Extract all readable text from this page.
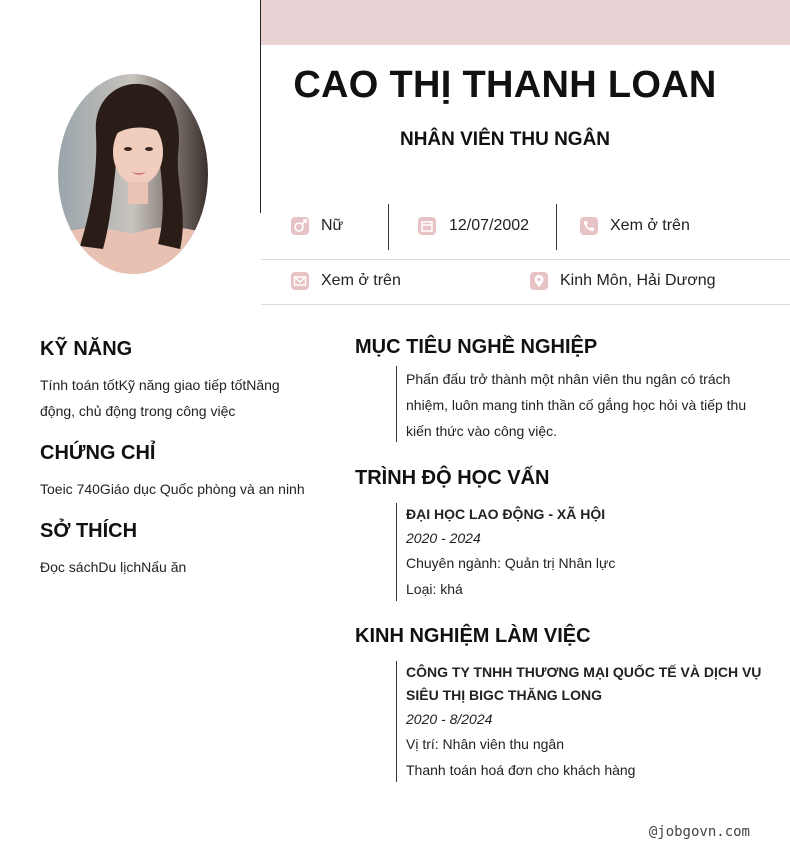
CAO THỊ THANH LOAN
NHÂN VIÊN THU NGÂN
Nữ	12/07/2002	Xem ở trên
Xem ở trên	Kinh Môn, Hải Dương
KỸ NĂNG
Tính toán tốtKỹ năng giao tiếp tốtNăng động, chủ động trong công việc
CHỨNG CHỈ
Toeic 740Giáo dục Quốc phòng và an ninh
SỞ THÍCH
Đọc sáchDu lịchNấu ăn
MỤC TIÊU NGHỀ NGHIỆP
Phấn đấu trở thành một nhân viên thu ngân có trách nhiệm, luôn mang tinh thần cố gắng học hỏi và tiếp thu kiến thức vào công việc.
TRÌNH ĐỘ HỌC VẤN
ĐẠI HỌC LAO ĐỘNG - XÃ HỘI
2020 - 2024
Chuyên ngành: Quản trị Nhân lực
Loại: khá
KINH NGHIỆM LÀM VIỆC
CÔNG TY TNHH THƯƠNG MẠI QUỐC TẾ VÀ DỊCH VỤ SIÊU THỊ BIGC THĂNG LONG
2020 - 8/2024
Vị trí: Nhân viên thu ngân
Thanh toán hoá đơn cho khách hàng
@jobgovn.com
